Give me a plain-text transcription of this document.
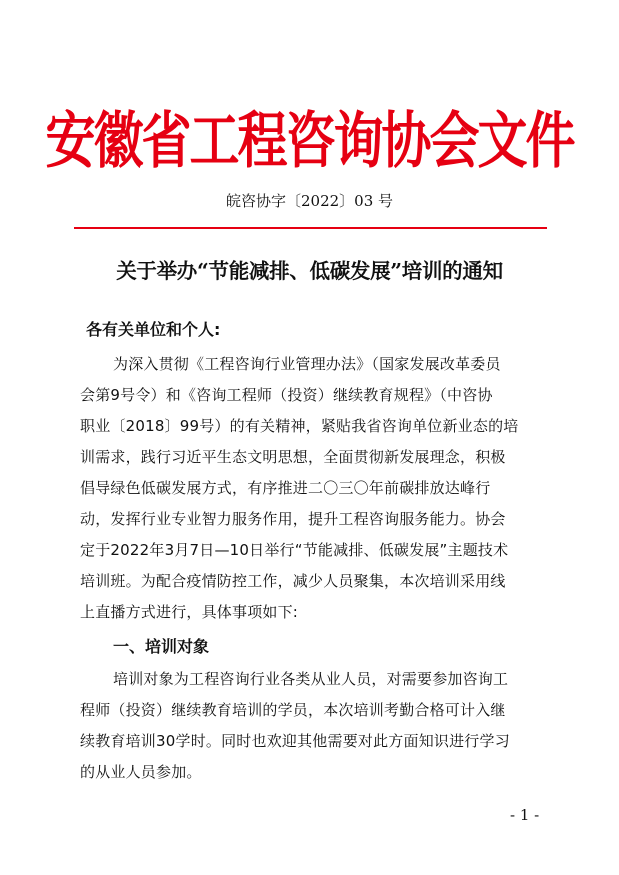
安徽省工程咨询协会文件
皖咨协字〔2022〕03 号
关于举办“节能减排、低碳发展”培训的通知
各有关单位和个人:
为深入贯彻《工程咨询行业管理办法》（国家发展改革委员
会第9号令）和《咨询工程师（投资）继续教育规程》（中咨协
职业〔2018〕99号）的有关精神，紧贴我省咨询单位新业态的培
训需求，践行习近平生态文明思想，全面贯彻新发展理念，积极
倡导绿色低碳发展方式，有序推进二〇三〇年前碳排放达峰行
动，发挥行业专业智力服务作用，提升工程咨询服务能力。协会
定于2022年3月7日—10日举行“节能减排、低碳发展”主题技术
培训班。为配合疫情防控工作，减少人员聚集，本次培训采用线
上直播方式进行，具体事项如下:
一、培训对象
培训对象为工程咨询行业各类从业人员，对需要参加咨询工
程师（投资）继续教育培训的学员，本次培训考勤合格可计入继
续教育培训30学时。同时也欢迎其他需要对此方面知识进行学习
的从业人员参加。
- 1 -
